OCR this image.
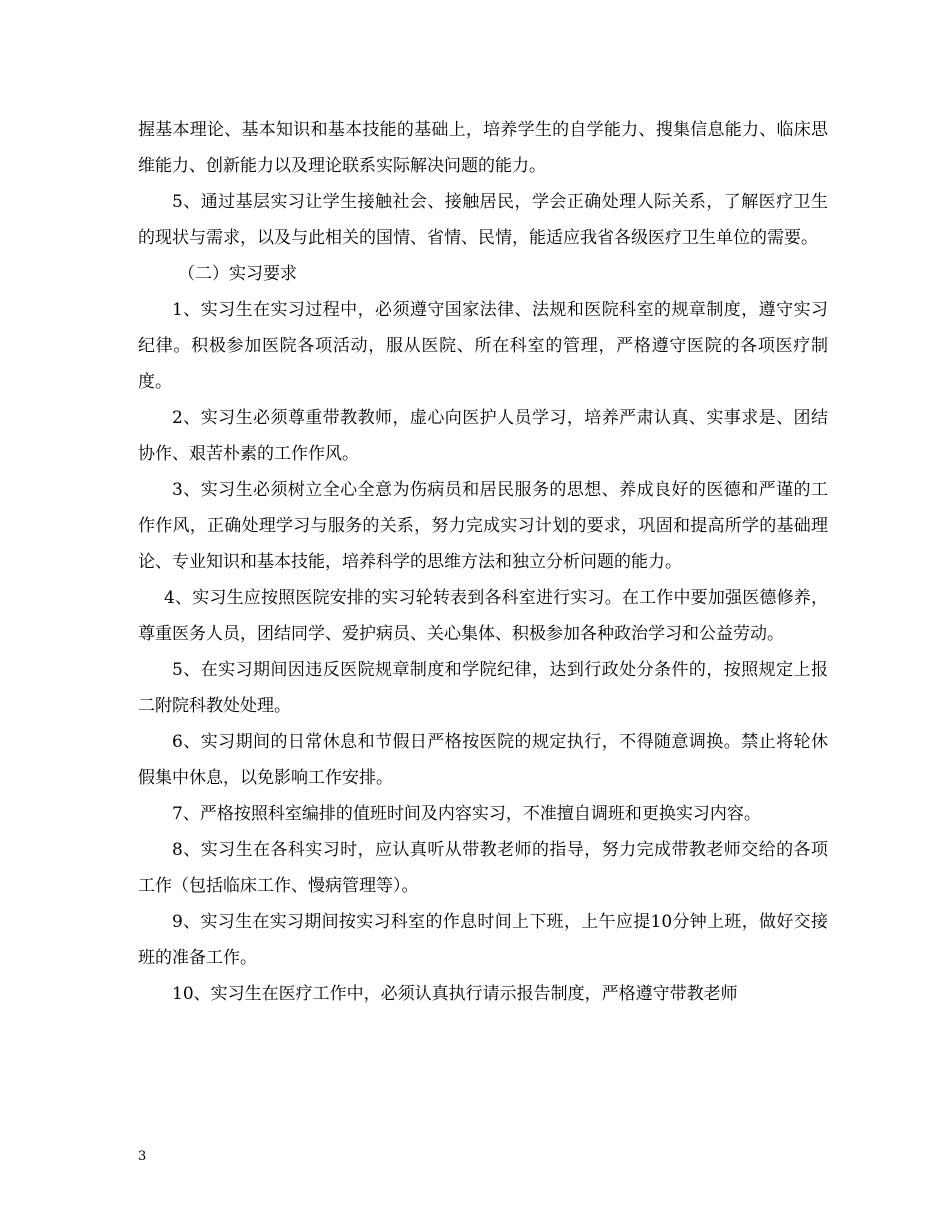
握基本理论、基本知识和基本技能的基础上，培养学生的自学能力、搜集信息能力、临床思维能力、创新能力以及理论联系实际解决问题的能力。

5、通过基层实习让学生接触社会、接触居民，学会正确处理人际关系，了解医疗卫生的现状与需求，以及与此相关的国情、省情、民情，能适应我省各级医疗卫生单位的需要。

（二）实习要求

1、实习生在实习过程中，必须遵守国家法律、法规和医院科室的规章制度，遵守实习纪律。积极参加医院各项活动，服从医院、所在科室的管理，严格遵守医院的各项医疗制度。

2、实习生必须尊重带教教师，虚心向医护人员学习，培养严肃认真、实事求是、团结协作、艰苦朴素的工作作风。

3、实习生必须树立全心全意为伤病员和居民服务的思想、养成良好的医德和严谨的工作作风，正确处理学习与服务的关系，努力完成实习计划的要求，巩固和提高所学的基础理论、专业知识和基本技能，培养科学的思维方法和独立分析问题的能力。

4、实习生应按照医院安排的实习轮转表到各科室进行实习。在工作中要加强医德修养，尊重医务人员，团结同学、爱护病员、关心集体、积极参加各种政治学习和公益劳动。

5、在实习期间因违反医院规章制度和学院纪律，达到行政处分条件的，按照规定上报二附院科教处处理。

6、实习期间的日常休息和节假日严格按医院的规定执行，不得随意调换。禁止将轮休假集中休息，以免影响工作安排。

7、严格按照科室编排的值班时间及内容实习，不准擅自调班和更换实习内容。

8、实习生在各科实习时，应认真听从带教老师的指导，努力完成带教老师交给的各项工作（包括临床工作、慢病管理等）。

9、实习生在实习期间按实习科室的作息时间上下班，上午应提10分钟上班，做好交接班的准备工作。

10、实习生在医疗工作中，必须认真执行请示报告制度，严格遵守带教老师

3
